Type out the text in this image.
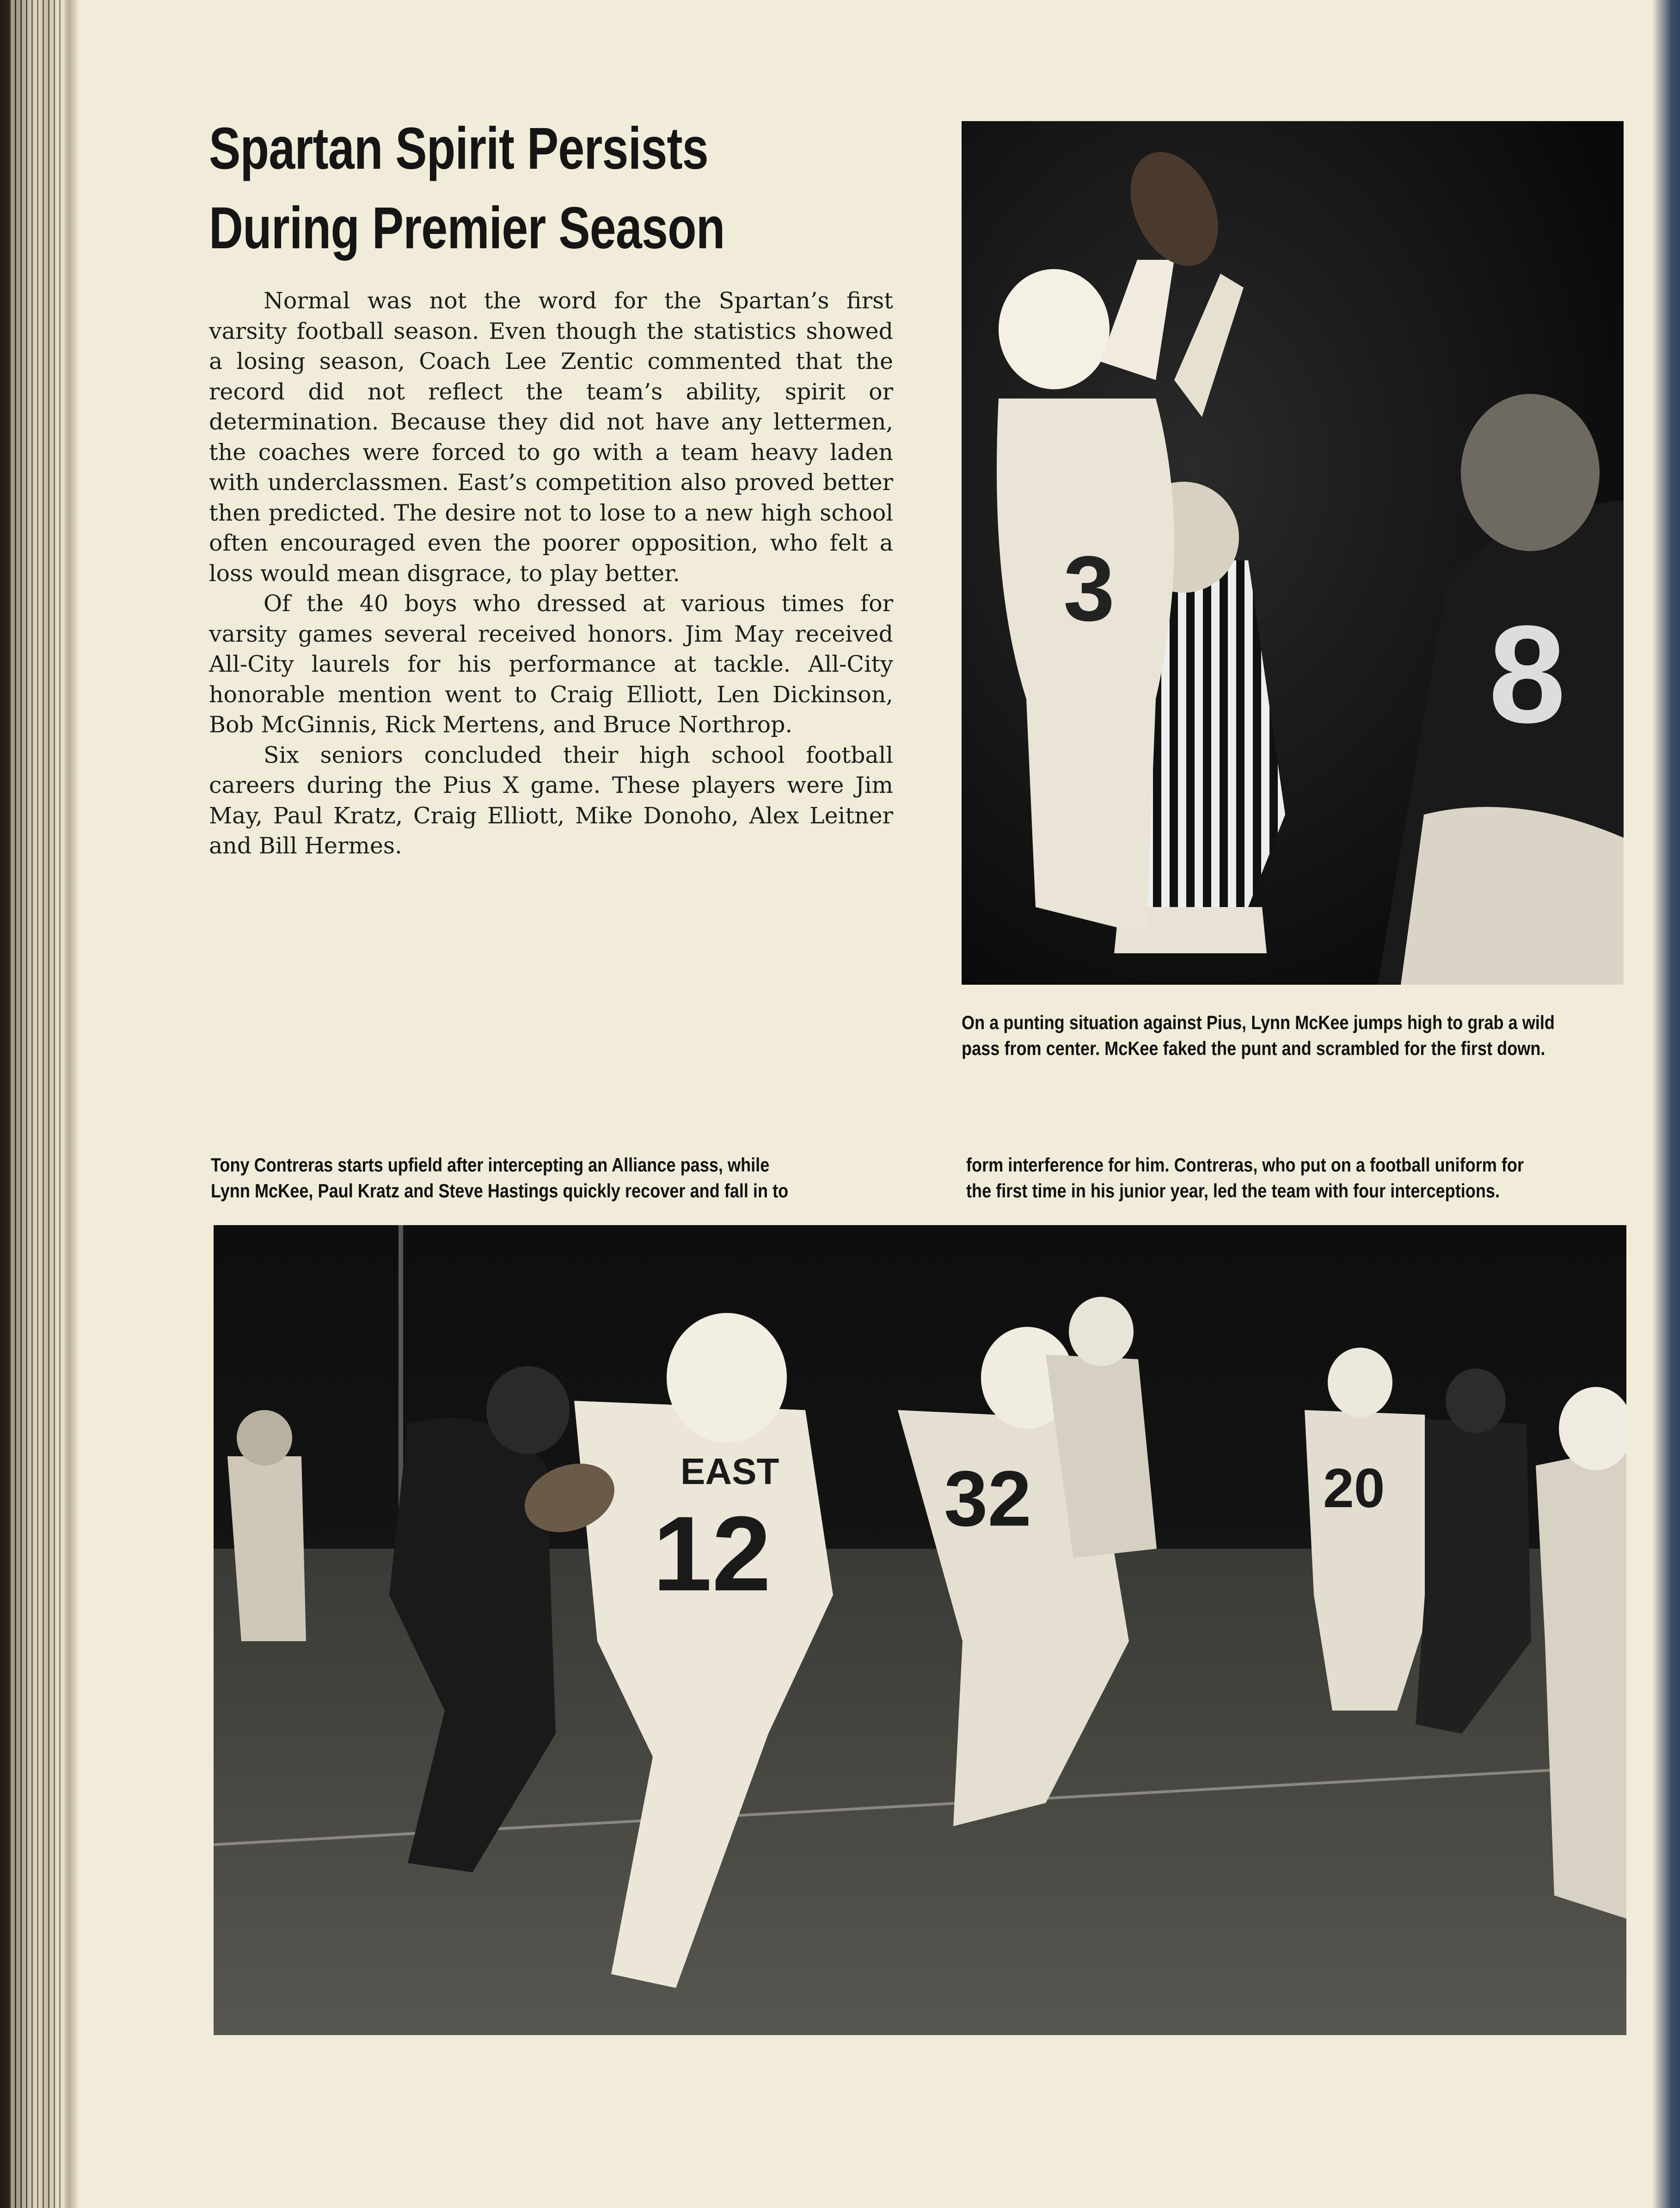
Spartan Spirit Persists
During Premier Season

Normal was not the word for the Spartan’s first varsity football season. Even though the statistics showed a losing season, Coach Lee Zentic commented that the record did not reflect the team’s ability, spirit or determination. Because they did not have any lettermen, the coaches were forced to go with a team heavy laden with underclassmen. East’s competition also proved better then predicted. The desire not to lose to a new high school often encouraged even the poorer opposition, who felt a loss would mean disgrace, to play better.

Of the 40 boys who dressed at various times for varsity games several received honors. Jim May received All-City laurels for his performance at tackle. All-City honorable mention went to Craig Elliott, Len Dickinson, Bob McGinnis, Rick Mertens, and Bruce Northrop.

Six seniors concluded their high school football careers during the Pius X game. These players were Jim May, Paul Kratz, Craig Elliott, Mike Donoho, Alex Leitner and Bill Hermes.

3
8
On a punting situation against Pius, Lynn McKee jumps high to grab a wild
pass from center. McKee faked the punt and scrambled for the first down.
Tony Contreras starts upfield after intercepting an Alliance pass, while
Lynn McKee, Paul Kratz and Steve Hastings quickly recover and fall in to
form interference for him. Contreras, who put on a football uniform for
the first time in his junior year, led the team with four interceptions.
12
EAST 32	20
